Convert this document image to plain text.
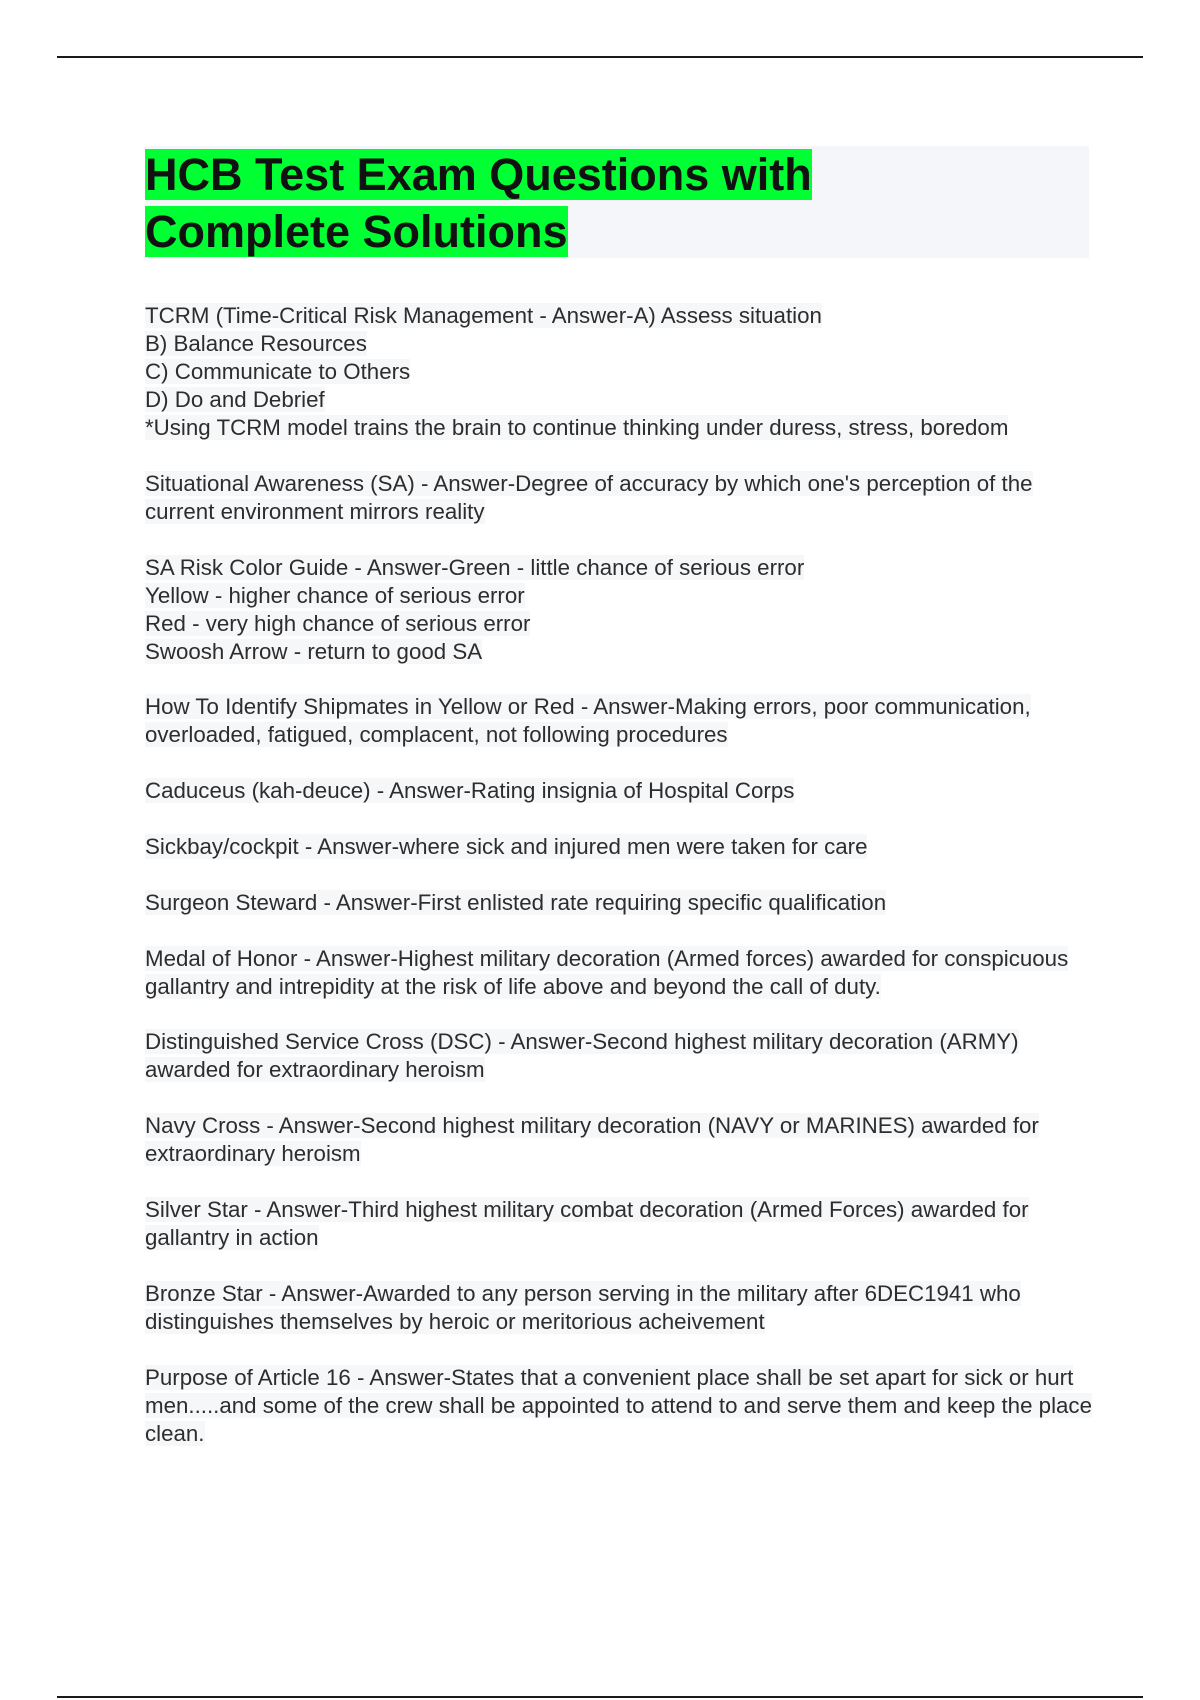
HCB Test Exam Questions with Complete Solutions

TCRM (Time-Critical Risk Management - Answer-A) Assess situation
B) Balance Resources
C) Communicate to Others
D) Do and Debrief
*Using TCRM model trains the brain to continue thinking under duress, stress, boredom

Situational Awareness (SA) - Answer-Degree of accuracy by which one's perception of the current environment mirrors reality

SA Risk Color Guide - Answer-Green - little chance of serious error
Yellow - higher chance of serious error
Red - very high chance of serious error
Swoosh Arrow - return to good SA

How To Identify Shipmates in Yellow or Red - Answer-Making errors, poor communication, overloaded, fatigued, complacent, not following procedures

Caduceus (kah-deuce) - Answer-Rating insignia of Hospital Corps

Sickbay/cockpit - Answer-where sick and injured men were taken for care

Surgeon Steward - Answer-First enlisted rate requiring specific qualification

Medal of Honor - Answer-Highest military decoration (Armed forces) awarded for conspicuous gallantry and intrepidity at the risk of life above and beyond the call of duty.

Distinguished Service Cross (DSC) - Answer-Second highest military decoration (ARMY) awarded for extraordinary heroism

Navy Cross - Answer-Second highest military decoration (NAVY or MARINES) awarded for extraordinary heroism

Silver Star - Answer-Third highest military combat decoration (Armed Forces) awarded for gallantry in action

Bronze Star - Answer-Awarded to any person serving in the military after 6DEC1941 who distinguishes themselves by heroic or meritorious acheivement

Purpose of Article 16 - Answer-States that a convenient place shall be set apart for sick or hurt men.....and some of the crew shall be appointed to attend to and serve them and keep the place clean.
